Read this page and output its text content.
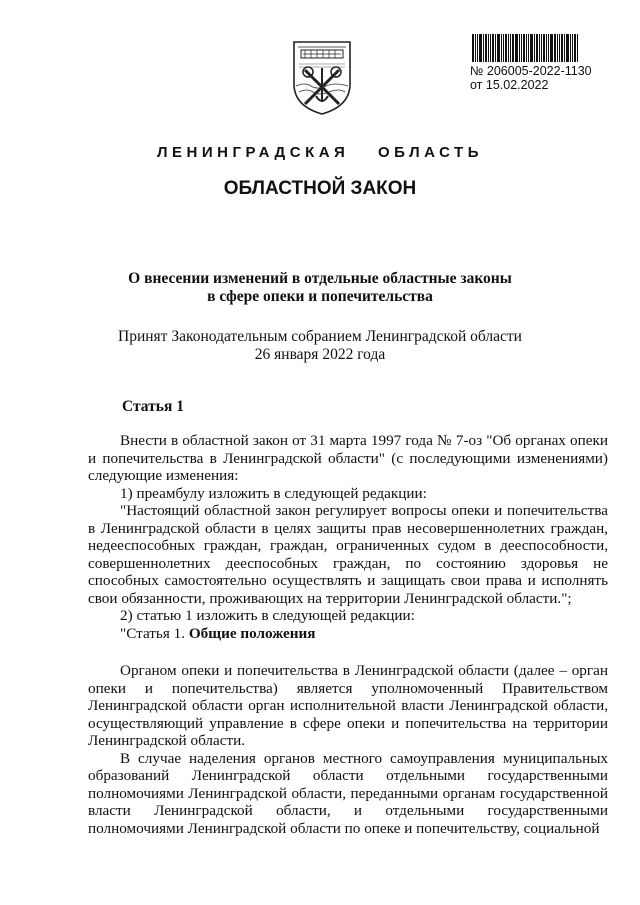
№ 206005-2022-1130
от 15.02.2022
ЛЕНИНГРАДСКАЯ ОБЛАСТЬ
ОБЛАСТНОЙ ЗАКОН
О внесении изменений в отдельные областные законы
в сфере опеки и попечительства
Принят Законодательным собранием Ленинградской области
26 января 2022 года
Статья 1

Внести в областной закон от 31 марта 1997 года № 7-оз "Об органах опеки и попечительства в Ленинградской области" (с последующими изменениями) следующие изменения:

1) преамбулу изложить в следующей редакции:

"Настоящий областной закон регулирует вопросы опеки и попечительства в Ленинградской области в целях защиты прав несовершеннолетних граждан, недееспособных граждан, граждан, ограниченных судом в дееспособности, совершеннолетних дееспособных граждан, по состоянию здоровья не способных самостоятельно осуществлять и защищать свои права и исполнять свои обязанности, проживающих на территории Ленинградской области.";

2) статью 1 изложить в следующей редакции:

"Статья 1. Общие положения

Органом опеки и попечительства в Ленинградской области (далее – орган опеки и попечительства) является уполномоченный Правительством Ленинградской области орган исполнительной власти Ленинградской области, осуществляющий управление в сфере опеки и попечительства на территории Ленинградской области.

В случае наделения органов местного самоуправления муниципальных образований Ленинградской области отдельными государственными полномочиями Ленинградской области, переданными органам государственной власти Ленинградской области, и отдельными государственными полномочиями Ленинградской области по опеке и попечительству, социальной
